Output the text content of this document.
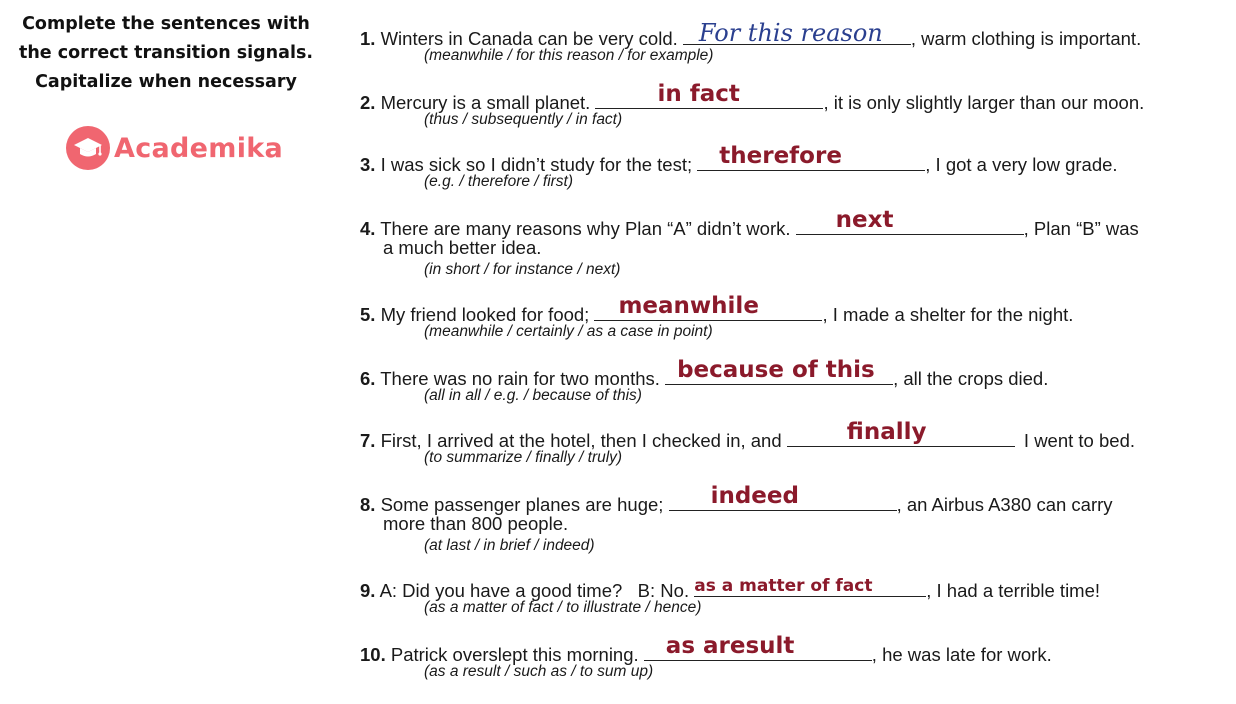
Complete the sentences with
the correct transition signals.
Capitalize when necessary
Academika
1. Winters in Canada can be very cold. For this reason , warm clothing is important.
(meanwhile / for this reason / for example)
2. Mercury is a small planet.	in fact	, it is only slightly larger than our moon.
(thus / subsequently / in fact)
3. I was sick so I didn’t study for the test; therefore	, I got a very low grade.
(e.g. / therefore / first)
4. There are many reasons why Plan “A” didn’t work. next	, Plan “B” was
a much better idea.
(in short / for instance / next)
5. My friend looked for food; meanwhile	, I made a shelter for the night.
(meanwhile / certainly / as a case in point)
6. There was no rain for two months. because of this , all the crops died.
(all in all / e.g. / because of this)
7. First, I arrived at the hotel, then I checked in, and	finally	I went to bed.
(to summarize / finally / truly)
8. Some passenger planes are huge; indeed	, an Airbus A380 can carry
more than 800 people.
(at last / in brief / indeed)
9. A: Did you have a good time?   B: No. as a matter of fact	, I had a terrible time!
(as a matter of fact / to illustrate / hence)
10. Patrick overslept this morning. as aresult	, he was late for work.
(as a result / such as / to sum up)
